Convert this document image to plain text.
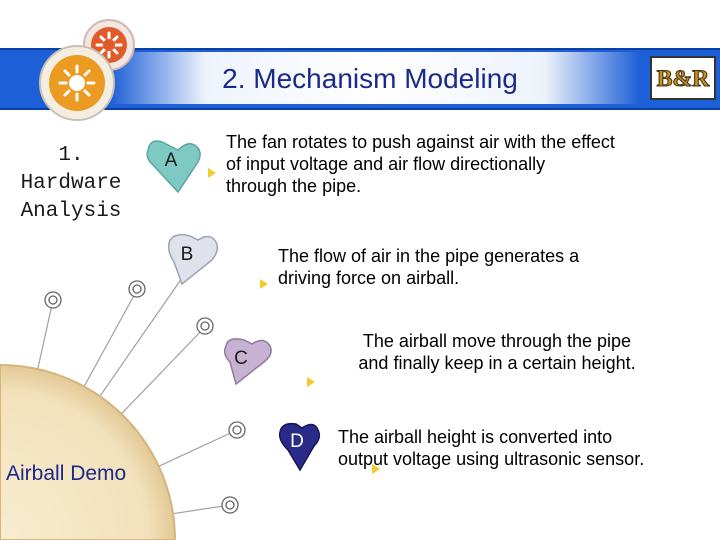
2. Mechanism Modeling	B&R
1. Hardware
Analysis
Airball Demo
A
B
C
D
The fan rotates to push against air with the effect
of input voltage and air flow directionally
through the pipe.
The flow of air in the pipe generates a
driving force on airball.
The airball move through the pipe
and finally keep in a certain height.
The airball height is converted into
output voltage using ultrasonic sensor.
